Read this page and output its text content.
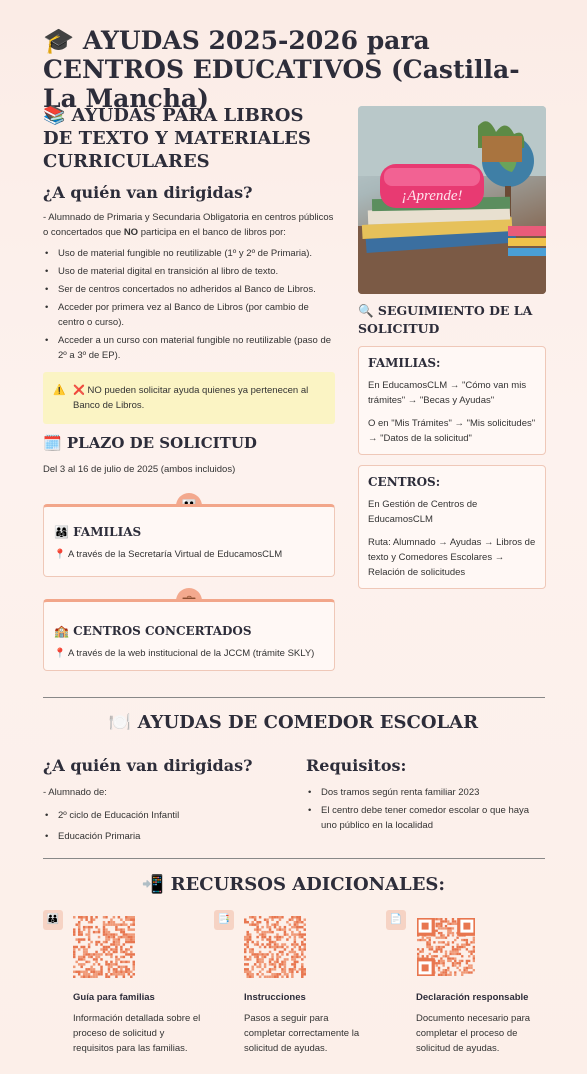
🎓 AYUDAS 2025-2026 para CENTROS EDUCATIVOS (Castilla-La Mancha)
📚 AYUDAS PARA LIBROS DE TEXTO Y MATERIALES CURRICULARES
¿A quién van dirigidas?
- Alumnado de Primaria y Secundaria Obligatoria en centros públicos o concertados que NO participa en el banco de libros por:
• Uso de material fungible no reutilizable (1º y 2º de Primaria).
• Uso de material digital en transición al libro de texto.
• Ser de centros concertados no adheridos al Banco de Libros.
• Acceder por primera vez al Banco de Libros (por cambio de centro o curso).
• Acceder a un curso con material fungible no reutilizable (paso de 2º a 3º de EP).
⚠️ ❌ NO pueden solicitar ayuda quienes ya pertenecen al Banco de Libros.
🗓️ PLAZO DE SOLICITUD
Del 3 al 16 de julio de 2025 (ambos incluidos)
👨‍👩‍👧 FAMILIAS
📍 A través de la Secretaría Virtual de EducamosCLM
🏫 CENTROS CONCERTADOS
📍 A través de la web institucional de la JCCM (trámite SKLY)
¡Aprende!
🔍 SEGUIMIENTO DE LA SOLICITUD
FAMILIAS:
En EducamosCLM → "Cómo van mis trámites" → "Becas y Ayudas"
O en "Mis Trámites" → "Mis solicitudes" → "Datos de la solicitud"
CENTROS:
En Gestión de Centros de EducamosCLM
Ruta: Alumnado → Ayudas → Libros de texto y Comedores Escolares → Relación de solicitudes
🍽️ AYUDAS DE COMEDOR ESCOLAR
¿A quién van dirigidas?
- Alumnado de:
• 2º ciclo de Educación Infantil
• Educación Primaria
Requisitos:
• Dos tramos según renta familiar 2023
• El centro debe tener comedor escolar o que haya uno público en la localidad
📲 RECURSOS ADICIONALES:
👪
Guía para familias
Información detallada sobre el proceso de solicitud y requisitos para las familias.
📑
Instrucciones
Pasos a seguir para completar correctamente la solicitud de ayudas.
📄
Declaración responsable
Documento necesario para completar el proceso de solicitud de ayudas.
